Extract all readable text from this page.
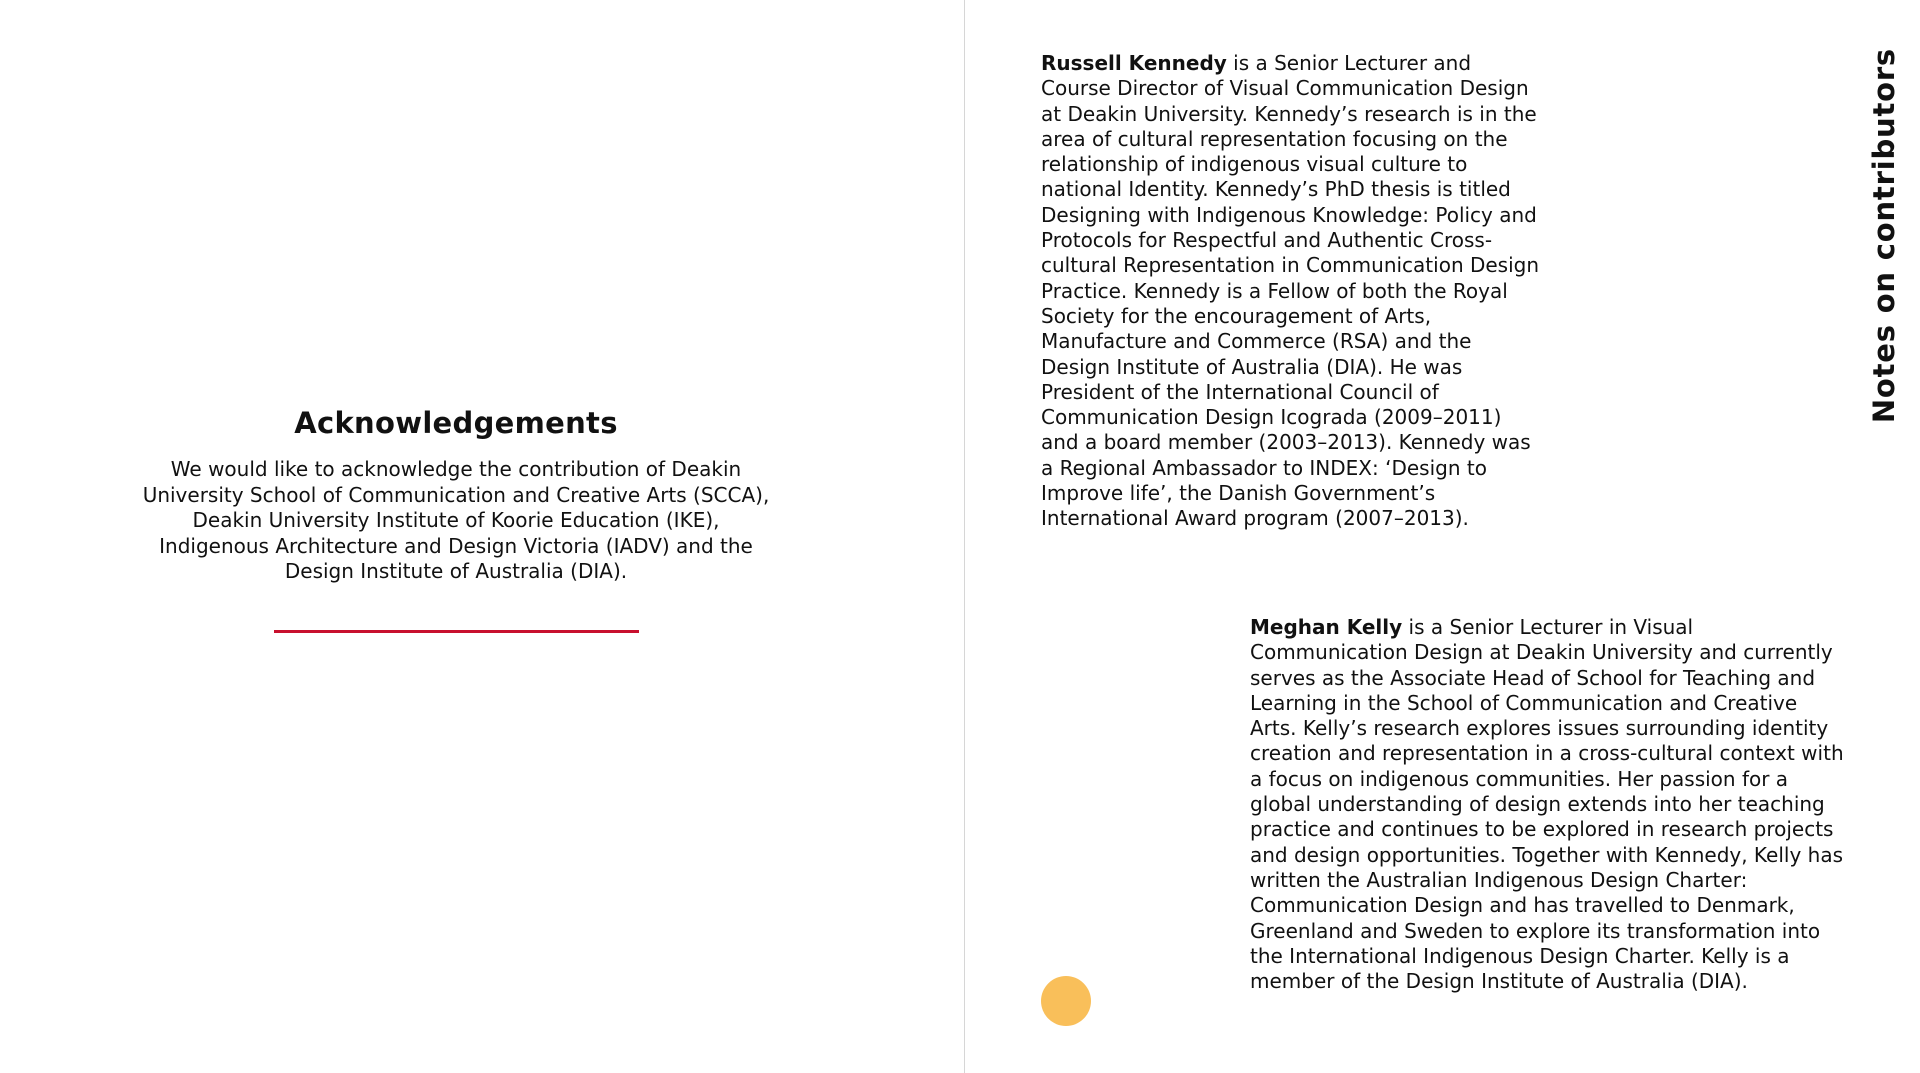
Acknowledgements

We would like to acknowledge the contribution of Deakin University School of Communication and Creative Arts (SCCA), Deakin University Institute of Koorie Education (IKE), Indigenous Architecture and Design Victoria (IADV) and the Design Institute of Australia (DIA).

Russell Kennedy is a Senior Lecturer and Course Director of Visual Communication Design at Deakin University. Kennedy’s research is in the area of cultural representation focusing on the relationship of indigenous visual culture to national Identity. Kennedy’s PhD thesis is titled Designing with Indigenous Knowledge: Policy and Protocols for Respectful and Authentic Cross-cultural Representation in Communication Design Practice. Kennedy is a Fellow of both the Royal Society for the encouragement of Arts, Manufacture and Commerce (RSA) and the Design Institute of Australia (DIA). He was President of the International Council of Communication Design Icograda (2009–2011) and a board member (2003–2013). Kennedy was a Regional Ambassador to INDEX: ‘Design to Improve life’, the Danish Government’s International Award program (2007–2013).

Meghan Kelly is a Senior Lecturer in Visual Communication Design at Deakin University and currently serves as the Associate Head of School for Teaching and Learning in the School of Communication and Creative Arts. Kelly’s research explores issues surrounding identity creation and representation in a cross-cultural context with a focus on indigenous communities. Her passion for a global understanding of design extends into her teaching practice and continues to be explored in research projects and design opportunities. Together with Kennedy, Kelly has written the Australian Indigenous Design Charter: Communication Design and has travelled to Denmark, Greenland and Sweden to explore its transformation into the International Indigenous Design Charter. Kelly is a member of the Design Institute of Australia (DIA).

Notes on contributors
